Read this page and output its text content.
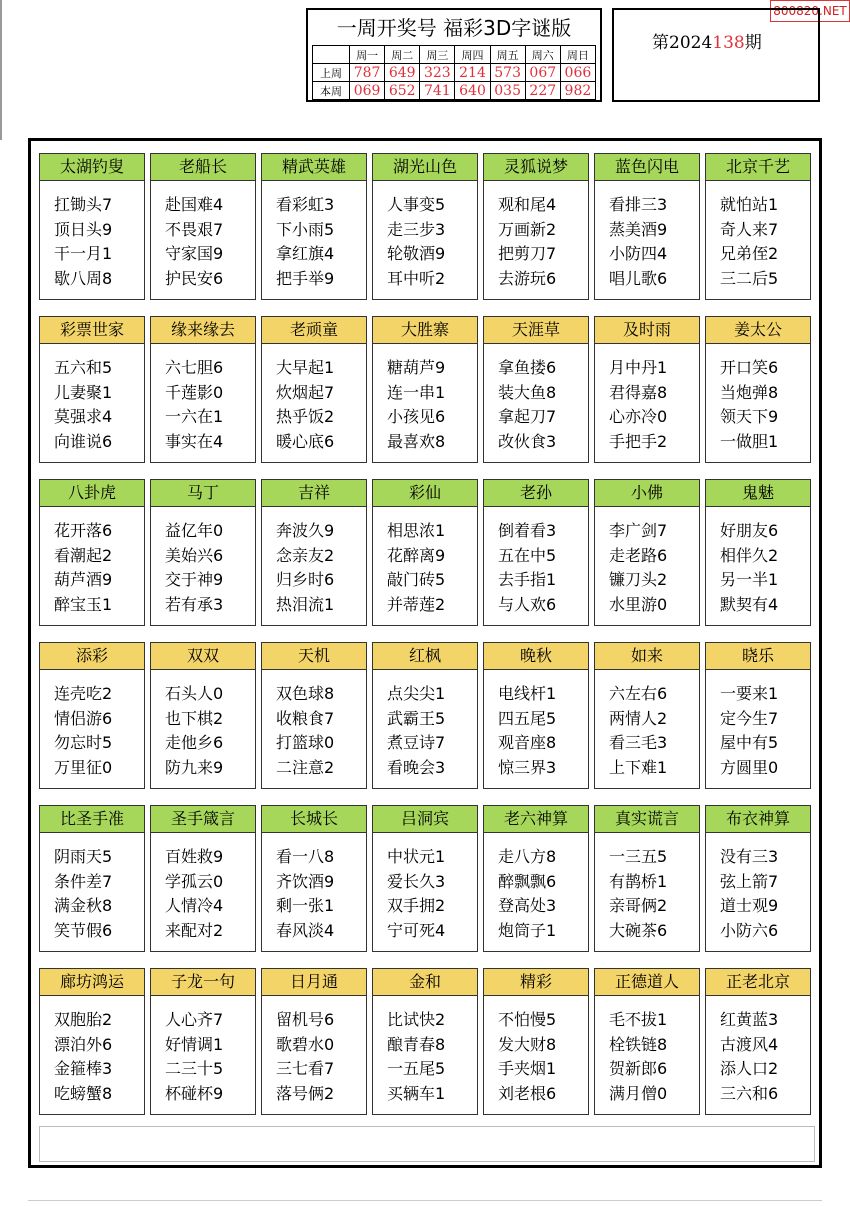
800820.NET
一周开奖号 福彩3D字谜版
	周一	周二	周三	周四	周五	周六	周日
上周	787	649	323	214	573	067	066
本周	069	652	741	640	035	227	982
第2024138期
太湖钓叟
扛锄头7
顶日头9
干一月1
歇八周8
老船长
赴国难4
不畏艰7
守家国9
护民安6
精武英雄
看彩虹3
下小雨5
拿红旗4
把手举9
湖光山色
人事变5
走三步3
轮敬酒9
耳中听2
灵狐说梦
观和尾4
万画新2
把剪刀7
去游玩6
蓝色闪电
看排三3
蒸美酒9
小防四4
唱儿歌6
北京千艺
就怕站1
奇人来7
兄弟侄2
三二后5
彩票世家
五六和5
儿妻聚1
莫强求4
向谁说6
缘来缘去
六七胆6
千莲影0
一六在1
事实在4
老顽童
大早起1
炊烟起7
热乎饭2
暖心底6
大胜寨
糖葫芦9
连一串1
小孩见6
最喜欢8
天涯草
拿鱼搂6
装大鱼8
拿起刀7
改伙食3
及时雨
月中丹1
君得嘉8
心亦冷0
手把手2
姜太公
开口笑6
当炮弹8
领天下9
一做胆1
八卦虎
花开落6
看潮起2
葫芦酒9
醉宝玉1
马丁
益亿年0
美始兴6
交于神9
若有承3
吉祥
奔波久9
念亲友2
归乡时6
热泪流1
彩仙
相思浓1
花醉离9
敲门砖5
并蒂莲2
老孙
倒着看3
五在中5
去手指1
与人欢6
小佛
李广剑7
走老路6
镰刀头2
水里游0
鬼魅
好朋友6
相伴久2
另一半1
默契有4
添彩
连壳吃2
情侣游6
勿忘时5
万里征0
双双
石头人0
也下棋2
走他乡6
防九来9
天机
双色球8
收粮食7
打篮球0
二注意2
红枫
点尖尖1
武霸王5
煮豆诗7
看晚会3
晚秋
电线杆1
四五尾5
观音座8
惊三界3
如来
六左右6
两情人2
看三毛3
上下难1
晓乐
一要来1
定今生7
屋中有5
方圆里0
比圣手准
阴雨天5
条件差7
满金秋8
笑节假6
圣手箴言
百姓救9
学孤云0
人情冷4
来配对2
长城长
看一八8
齐饮酒9
剩一张1
春风淡4
吕洞宾
中状元1
爱长久3
双手拥2
宁可死4
老六神算
走八方8
醉飘飘6
登高处3
炮筒子1
真实谎言
一三五5
有鹊桥1
亲哥俩2
大碗茶6
布衣神算
没有三3
弦上箭7
道士观9
小防六6
廊坊鸿运
双胞胎2
漂泊外6
金箍棒3
吃螃蟹8
子龙一句
人心齐7
好情调1
二三十5
杯碰杯9
日月通
留机号6
歌碧水0
三七看7
落号俩2
金和
比试快2
酿青春8
一五尾5
买辆车1
精彩
不怕慢5
发大财8
手夹烟1
刘老根6
正德道人
毛不拔1
栓铁链8
贺新郎6
满月僧0
正老北京
红黄蓝3
古渡风4
添人口2
三六和6
